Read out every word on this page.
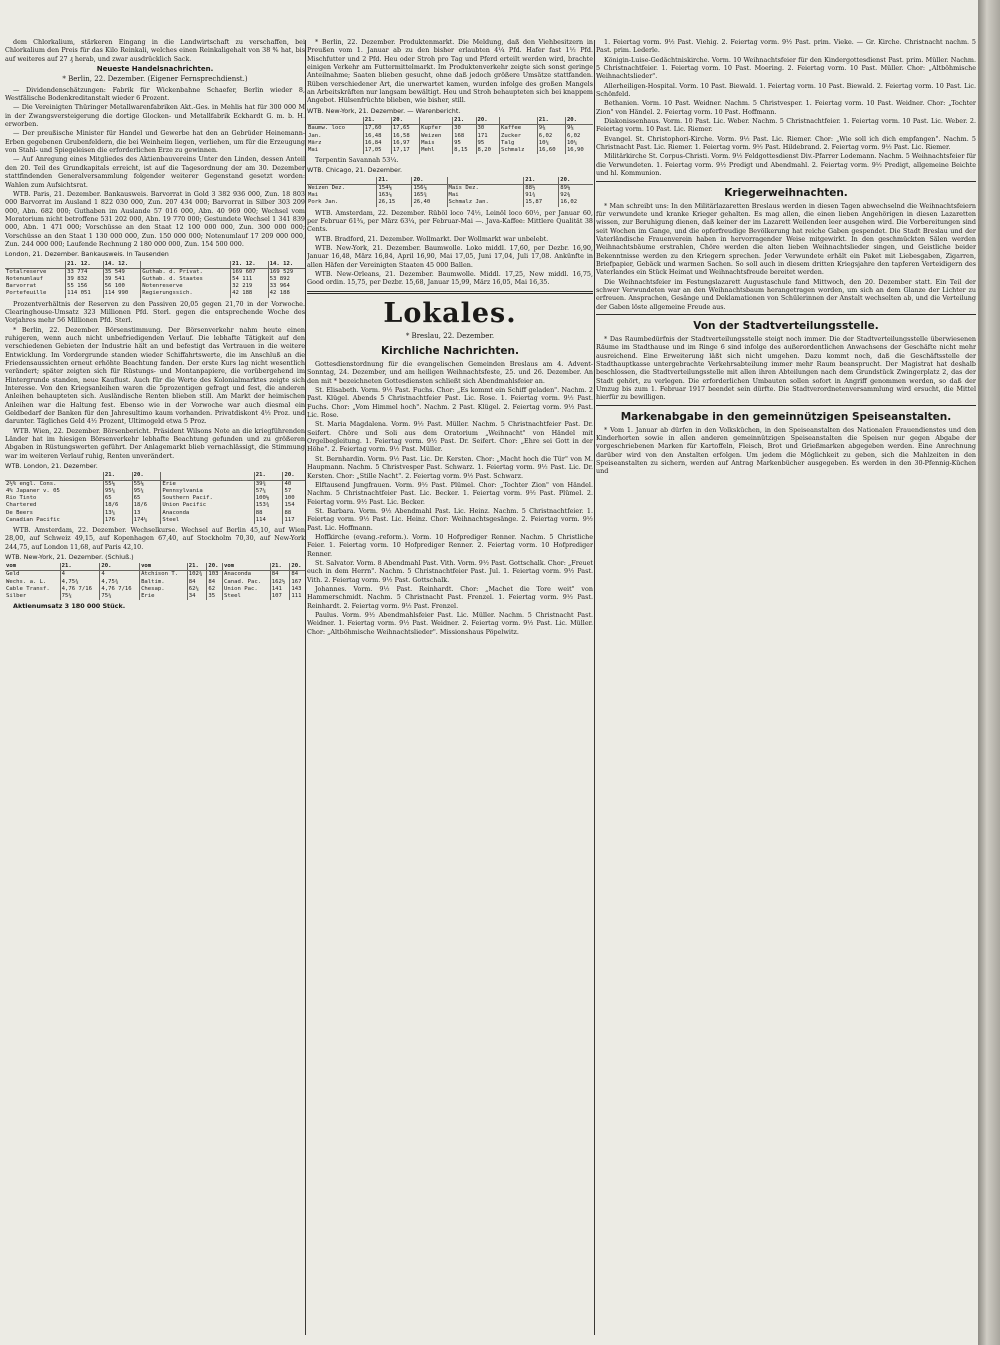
dem Chlorkalium, stärkeren Eingang in die Landwirtschaft zu verschaffen, bei Chlorkalium den Preis für das Kilo Reinkali, welches einen Reinkaligehalt von 38 % hat, bis auf weiteres auf 27 ₰ herab, und zwar ausdrücklich Sack.

Neueste Handelsnachrichten.
* Berlin, 22. Dezember. (Eigener Fernsprechdienst.)

— Dividendenschätzungen: Fabrik für Wickenbahne Schaefer, Berlin wieder 8, Westfälische Bodenkreditanstalt wieder 6 Prozent.

— Die Vereinigten Thüringer Metallwarenfabriken Akt.-Ges. in Mehlis hat für 300 000 M in der Zwangsversteigerung die dortige Glocken- und Metallfabrik Eckhardt G. m. b. H. erworben.

— Der preußische Minister für Handel und Gewerbe hat den an Gebrüder Heinemann-Erben gegebenen Grubenfeldern, die bei Weinheim liegen, verliehen, um für die Erzeugung von Stahl- und Spiegeleisen die erforderlichen Erze zu gewinnen.

— Auf Anregung eines Mitgliedes des Aktienbauvereins Unter den Linden, dessen Anteil den 20. Teil des Grundkapitals erreicht, ist auf die Tagesordnung der am 30. Dezember stattfindenden Generalversammlung folgender weiterer Gegenstand gesetzt worden: Wahlen zum Aufsichtsrat.

WTB. Paris, 21. Dezember. Bankausweis. Barvorrat in Gold 3 382 936 000, Zun. 18 803 000 Barvorrat im Ausland 1 822 030 000, Zun. 207 434 000; Barvorrat in Silber 303 209 000, Abn. 682 000; Guthaben im Auslande 57 016 000, Abn. 40 969 000; Wechsel vom Moratorium nicht betroffene 531 202 000, Abn. 19 770 000; Gestundete Wechsel 1 341 839 000, Abn. 1 471 000; Vorschüsse an den Staat 12 100 000 000, Zun. 300 000 000; Vorschüsse an den Staat 1 130 000 000, Zun. 150 000 000; Notenumlauf 17 209 000 000, Zun. 244 000 000; Laufende Rechnung 2 180 000 000, Zun. 154 500 000.

London, 21. Dezember. Bankausweis. In Tausenden
	21. 12.	14. 12.		21. 12.	14. 12.
Totalreserve	33 774	35 549	Guthab. d. Privat.	169 607	169 529
Notenumlauf	39 832	39 541	Guthab. d. Staates	54 111	53 892
Barvorrat	55 156	56 100	Notenreserve	32 219	33 964
Portefeuille	114 051	114 990	Regierungssich.	42 188	42 188

Prozentverhältnis der Reserven zu den Passiven 20,05 gegen 21,70 in der Vorwoche. Clearinghouse-Umsatz 323 Millionen Pfd. Sterl. gegen die entsprechende Woche des Vorjahres mehr 56 Millionen Pfd. Sterl.

* Berlin, 22. Dezember. Börsenstimmung. Der Börsenverkehr nahm heute einen ruhigeren, wenn auch nicht unbefriedigenden Verlauf. Die lebhafte Tätigkeit auf den verschiedenen Gebieten der Industrie hält an und befestigt das Vertrauen in die weitere Entwicklung. Im Vordergrunde standen wieder Schiffahrtswerte, die im Anschluß an die Friedensaussichten erneut erhöhte Beachtung fanden. Der erste Kurs lag nicht wesentlich verändert; später zeigten sich für Rüstungs- und Montanpapiere, die vorübergehend im Hintergrunde standen, neue Kauflust. Auch für die Werte des Kolonialmarktes zeigte sich Interesse. Von den Kriegsanleihen waren die 5prozentigen gefragt und fest, die anderen Anleihen behaupteten sich. Ausländische Renten blieben still. Am Markt der heimischen Anleihen war die Haltung fest. Ebenso wie in der Vorwoche war auch diesmal ein Geldbedarf der Banken für den Jahresultimo kaum vorhanden. Privatdiskont 4½ Proz. und darunter. Tägliches Geld 4½ Prozent, Ultimogeld etwa 5 Proz.

WTB. Wien, 22. Dezember. Börsenbericht. Präsident Wilsons Note an die kriegführenden Länder hat im hiesigen Börsenverkehr lebhafte Beachtung gefunden und zu größeren Abgaben in Rüstungswerten geführt. Der Anlagemarkt blieb vernachlässigt, die Stimmung war im weiteren Verlauf ruhig, Renten unverändert.

WTB. London, 21. Dezember.
	21.	20.		21.	20.
2½% engl. Cons.	55⅛	55⅛	Erie	39¾	40
4% Japaner v. 05	95¼	95¼	Pennsylvania	57¼	57
Rio Tinto	65	65	Southern Pacif.	100⅛	100
Chartered	18/6	18/6	Union Pacific	153¾	154
De Beers	13¼	13	Anaconda	88	88
Canadian Pacific	176	174¼	Steel	114	117

WTB. Amsterdam, 22. Dezember. Wechselkurse. Wechsel auf Berlin 45,10, auf Wien 28,00, auf Schweiz 49,15, auf Kopenhagen 67,40, auf Stockholm 70,30, auf New-York 244,75, auf London 11,68, auf Paris 42,10.

WTB. New-York, 21. Dezember. (Schluß.)
vom	21.	20.	vom	21.	20.	vom	21.	20.
Geld	4	4	Atchison T.	102¾	103	Anaconda	84	84
Wechs. a. L.	4,75¾	4,75¾	Baltim.	84	84	Canad. Pac.	162½	167
Cable Transf.	4,76 7/16	4,76 7/16	Chesap.	62¼	62	Union Pac.	141	143
Silber	75¼	75¼	Erie	34	35	Steel	107	111

Aktienumsatz 3 180 000 Stück.

* Berlin, 22. Dezember. Produktenmarkt. Die Meldung, daß den Viehbesitzern in Preußen vom 1. Januar ab zu den bisher erlaubten 4¼ Pfd. Hafer fast 1½ Pfd. Mischfutter und 2 Pfd. Heu oder Stroh pro Tag und Pferd erteilt werden wird, brachte einigen Verkehr am Futtermittelmarkt. Im Produktenverkehr zeigte sich sonst geringe Anteilnahme; Saaten blieben gesucht, ohne daß jedoch größere Umsätze stattfanden. Rüben verschiedener Art, die unerwartet kamen, wurden infolge des großen Mangels an Arbeitskräften nur langsam bewältigt. Heu und Stroh behaupteten sich bei knappem Angebot. Hülsenfrüchte blieben, wie bisher, still.

WTB. New-York, 21. Dezember. — Warenbericht.
	21.	20.		21.	20.		21.	20.
Baumw. loco	17,60	17,65	Kupfer	30	30	Kaffee	9⅜	9⅜
Jan.	16,48	16,58	Weizen	168	171	Zucker	6,02	6,02
März	16,84	16,97	Mais	95	95	Talg	10¼	10¼
Mai	17,05	17,17	Mehl	8,15	8,20	Schmalz	16,60	16,90

Terpentin Savannah 53¼.

WTB. Chicago, 21. Dezember.
	21.	20.		21.	20.
Weizen Dez.	154⅛	156⅞	Mais Dez.	88½	89⅛
Mai	163⅞	165¾	Mai	91¾	92⅜
Pork Jan.	26,15	26,40	Schmalz Jan.	15,87	16,02

WTB. Amsterdam, 22. Dezember. Rüböl loco 74½, Leinöl loco 60½, per Januar 60, per Februar 61¾, per März 63¼, per Februar-Mai —. Java-Kaffee: Mittlere Qualität 38 Cents.

WTB. Bradford, 21. Dezember. Wollmarkt. Der Wollmarkt war unbelebt.

WTB. New-York, 21. Dezember. Baumwolle. Loko middl. 17,60, per Dezbr. 16,90, Januar 16,48, März 16,84, April 16,90, Mai 17,05, Juni 17,04, Juli 17,08. Ankünfte in allen Häfen der Vereinigten Staaten 45 000 Ballen.

WTB. New-Orleans, 21. Dezember. Baumwolle. Middl. 17,25, New middl. 16,75, Good ordin. 15,75, per Dezbr. 15,68, Januar 15,99, März 16,05, Mai 16,35.

Lokales.
* Breslau, 22. Dezember.
Kirchliche Nachrichten.

Gottesdienstordnung für die evangelischen Gemeinden Breslaus am 4. Advent-Sonntag, 24. Dezember, und am heiligen Weihnachtsfeste, 25. und 26. Dezember. An den mit * bezeichneten Gottesdiensten schließt sich Abendmahlsfeier an.

St. Elisabeth. Vorm. 9½ Past. Fuchs. Chor: „Es kommt ein Schiff geladen". Nachm. 2 Past. Klügel. Abends 5 Christnachtfeier Past. Lic. Rose. 1. Feiertag vorm. 9½ Past. Fuchs. Chor: „Vom Himmel hoch". Nachm. 2 Past. Klügel. 2. Feiertag vorm. 9½ Past. Lic. Rose.

St. Maria Magdalena. Vorm. 9½ Past. Müller. Nachm. 5 Christnachtfeier Past. Dr. Seifert. Chöre und Soli aus dem Oratorium „Weihnacht" von Händel mit Orgelbegleitung. 1. Feiertag vorm. 9½ Past. Dr. Seifert. Chor: „Ehre sei Gott in der Höhe". 2. Feiertag vorm. 9½ Past. Müller.

St. Bernhardin. Vorm. 9½ Past. Lic. Dr. Kersten. Chor: „Macht hoch die Tür" von M. Haupmann. Nachm. 5 Christvesper Past. Schwarz. 1. Feiertag vorm. 9½ Past. Lic. Dr. Kersten. Chor: „Stille Nacht". 2. Feiertag vorm. 9½ Past. Schwarz.

Elftausend Jungfrauen. Vorm. 9½ Past. Plümel. Chor: „Tochter Zion" von Händel. Nachm. 5 Christnachtfeier Past. Lic. Becker. 1. Feiertag vorm. 9½ Past. Plümel. 2. Feiertag vorm. 9½ Past. Lic. Becker.

St. Barbara. Vorm. 9½ Abendmahl Past. Lic. Heinz. Nachm. 5 Christnachtfeier. 1. Feiertag vorm. 9½ Past. Lic. Heinz. Chor: Weihnachtsgesänge. 2. Feiertag vorm. 9½ Past. Lic. Hoffmann.

Hoffkirche (evang.-reform.). Vorm. 10 Hofprediger Renner. Nachm. 5 Christliche Feier. 1. Feiertag vorm. 10 Hofprediger Renner. 2. Feiertag vorm. 10 Hofprediger Renner.

St. Salvator. Vorm. 8 Abendmahl Past. Vith. Vorm. 9½ Past. Gottschalk. Chor: „Freuet euch in dem Herrn". Nachm. 5 Christnachtfeier Past. Jul. 1. Feiertag vorm. 9½ Past. Vith. 2. Feiertag vorm. 9½ Past. Gottschalk.

Johannes. Vorm. 9½ Past. Reinhardt. Chor: „Machet die Tore weit" von Hammerschmidt. Nachm. 5 Christnacht Past. Frenzel. 1. Feiertag vorm. 9½ Past. Reinhardt. 2. Feiertag vorm. 9½ Past. Frenzel.

Paulus. Vorm. 9½ Abendmahlsfeier Past. Lic. Müller. Nachm. 5 Christnacht Past. Weidner. 1. Feiertag vorm. 9½ Past. Weidner. 2. Feiertag vorm. 9½ Past. Lic. Müller. Chor: „Altböhmische Weihnachtslieder". Missionshaus Pöpelwitz.

1. Feiertag vorm. 9½ Past. Viehig. 2. Feiertag vorm. 9½ Past. prim. Vieke. — Gr. Kirche. Christnacht nachm. 5 Past. prim. Lederle.

Königin-Luise-Gedächtniskirche. Vorm. 10 Weihnachtsfeier für den Kindergottesdienst Past. prim. Müller. Nachm. 5 Christnachtfeier. 1. Feiertag vorm. 10 Past. Moering. 2. Feiertag vorm. 10 Past. Müller. Chor: „Altböhmische Weihnachtslieder".

Allerheiligen-Hospital. Vorm. 10 Past. Biewald. 1. Feiertag vorm. 10 Past. Biewald. 2. Feiertag vorm. 10 Past. Lic. Schönfeld.

Bethanien. Vorm. 10 Past. Weidner. Nachm. 5 Christvesper. 1. Feiertag vorm. 10 Past. Weidner. Chor: „Tochter Zion" von Händel. 2. Feiertag vorm. 10 Past. Hoffmann.

Diakonissenhaus. Vorm. 10 Past. Lic. Weber. Nachm. 5 Christnachtfeier. 1. Feiertag vorm. 10 Past. Lic. Weber. 2. Feiertag vorm. 10 Past. Lic. Riemer.

Evangel. St. Christophori-Kirche. Vorm. 9½ Past. Lic. Riemer. Chor: „Wie soll ich dich empfangen". Nachm. 5 Christnacht Past. Lic. Riemer. 1. Feiertag vorm. 9½ Past. Hildebrand. 2. Feiertag vorm. 9½ Past. Lic. Riemer.

Militärkirche St. Corpus-Christi. Vorm. 9½ Feldgottesdienst Div.-Pfarrer Lodemann. Nachm. 5 Weihnachtsfeier für die Verwundeten. 1. Feiertag vorm. 9½ Predigt und Abendmahl. 2. Feiertag vorm. 9½ Predigt, allgemeine Beichte und hl. Kommunion.

Kriegerweihnachten.

* Man schreibt uns: In den Militärlazaretten Breslaus werden in diesen Tagen abwechselnd die Weihnachtsfeiern für verwundete und kranke Krieger gehalten. Es mag allen, die einen lieben Angehörigen in diesen Lazaretten wissen, zur Beruhigung dienen, daß keiner der im Lazarett Weilenden leer ausgehen wird. Die Vorbereitungen sind seit Wochen im Gange, und die opferfreudige Bevölkerung hat reiche Gaben gespendet. Die Stadt Breslau und der Vaterländische Frauenverein haben in hervorragender Weise mitgewirkt. In den geschmückten Sälen werden Weihnachtsbäume erstrahlen, Chöre werden die alten lieben Weihnachtslieder singen, und Geistliche beider Bekenntnisse werden zu den Kriegern sprechen. Jeder Verwundete erhält ein Paket mit Liebesgaben, Zigarren, Briefpapier, Gebäck und warmen Sachen. So soll auch in diesem dritten Kriegsjahre den tapferen Verteidigern des Vaterlandes ein Stück Heimat und Weihnachtsfreude bereitet werden.

Die Weihnachtsfeier im Festungslazarett Augustaschule fand Mittwoch, den 20. Dezember statt. Ein Teil der schwer Verwundeten war an den Weihnachtsbaum herangetragen worden, um sich an dem Glanze der Lichter zu erfreuen. Ansprachen, Gesänge und Deklamationen von Schülerinnen der Anstalt wechselten ab, und die Verteilung der Gaben löste allgemeine Freude aus.

Von der Stadtverteilungsstelle.

* Das Raumbedürfnis der Stadtverteilungsstelle steigt noch immer. Die der Stadtverteilungsstelle überwiesenen Räume im Stadthause und im Ringe 6 sind infolge des außerordentlichen Anwachsens der Geschäfte nicht mehr ausreichend. Eine Erweiterung läßt sich nicht umgehen. Dazu kommt noch, daß die Geschäftsstelle der Stadthauptkasse untergebrachte Verkehrsabteilung immer mehr Raum beansprucht. Der Magistrat hat deshalb beschlossen, die Stadtverteilungsstelle mit allen ihren Abteilungen nach dem Grundstück Zwingerplatz 2, das der Stadt gehört, zu verlegen. Die erforderlichen Umbauten sollen sofort in Angriff genommen werden, so daß der Umzug bis zum 1. Februar 1917 beendet sein dürfte. Die Stadtverordnetenversammlung wird ersucht, die Mittel hierfür zu bewilligen.

Markenabgabe in den gemeinnützigen Speiseanstalten.

* Vom 1. Januar ab dürfen in den Volksküchen, in den Speiseanstalten des Nationalen Frauendienstes und den Kinderhorten sowie in allen anderen gemeinnützigen Speiseanstalten die Speisen nur gegen Abgabe der vorgeschriebenen Marken für Kartoffeln, Fleisch, Brot und Grießmarken abgegeben werden. Eine Anrechnung darüber wird von den Anstalten erfolgen. Um jedem die Möglichkeit zu geben, sich die Mahlzeiten in den Speiseanstalten zu sichern, werden auf Antrag Markenbücher ausgegeben. Es werden in den 30-Pfennig-Küchen und
